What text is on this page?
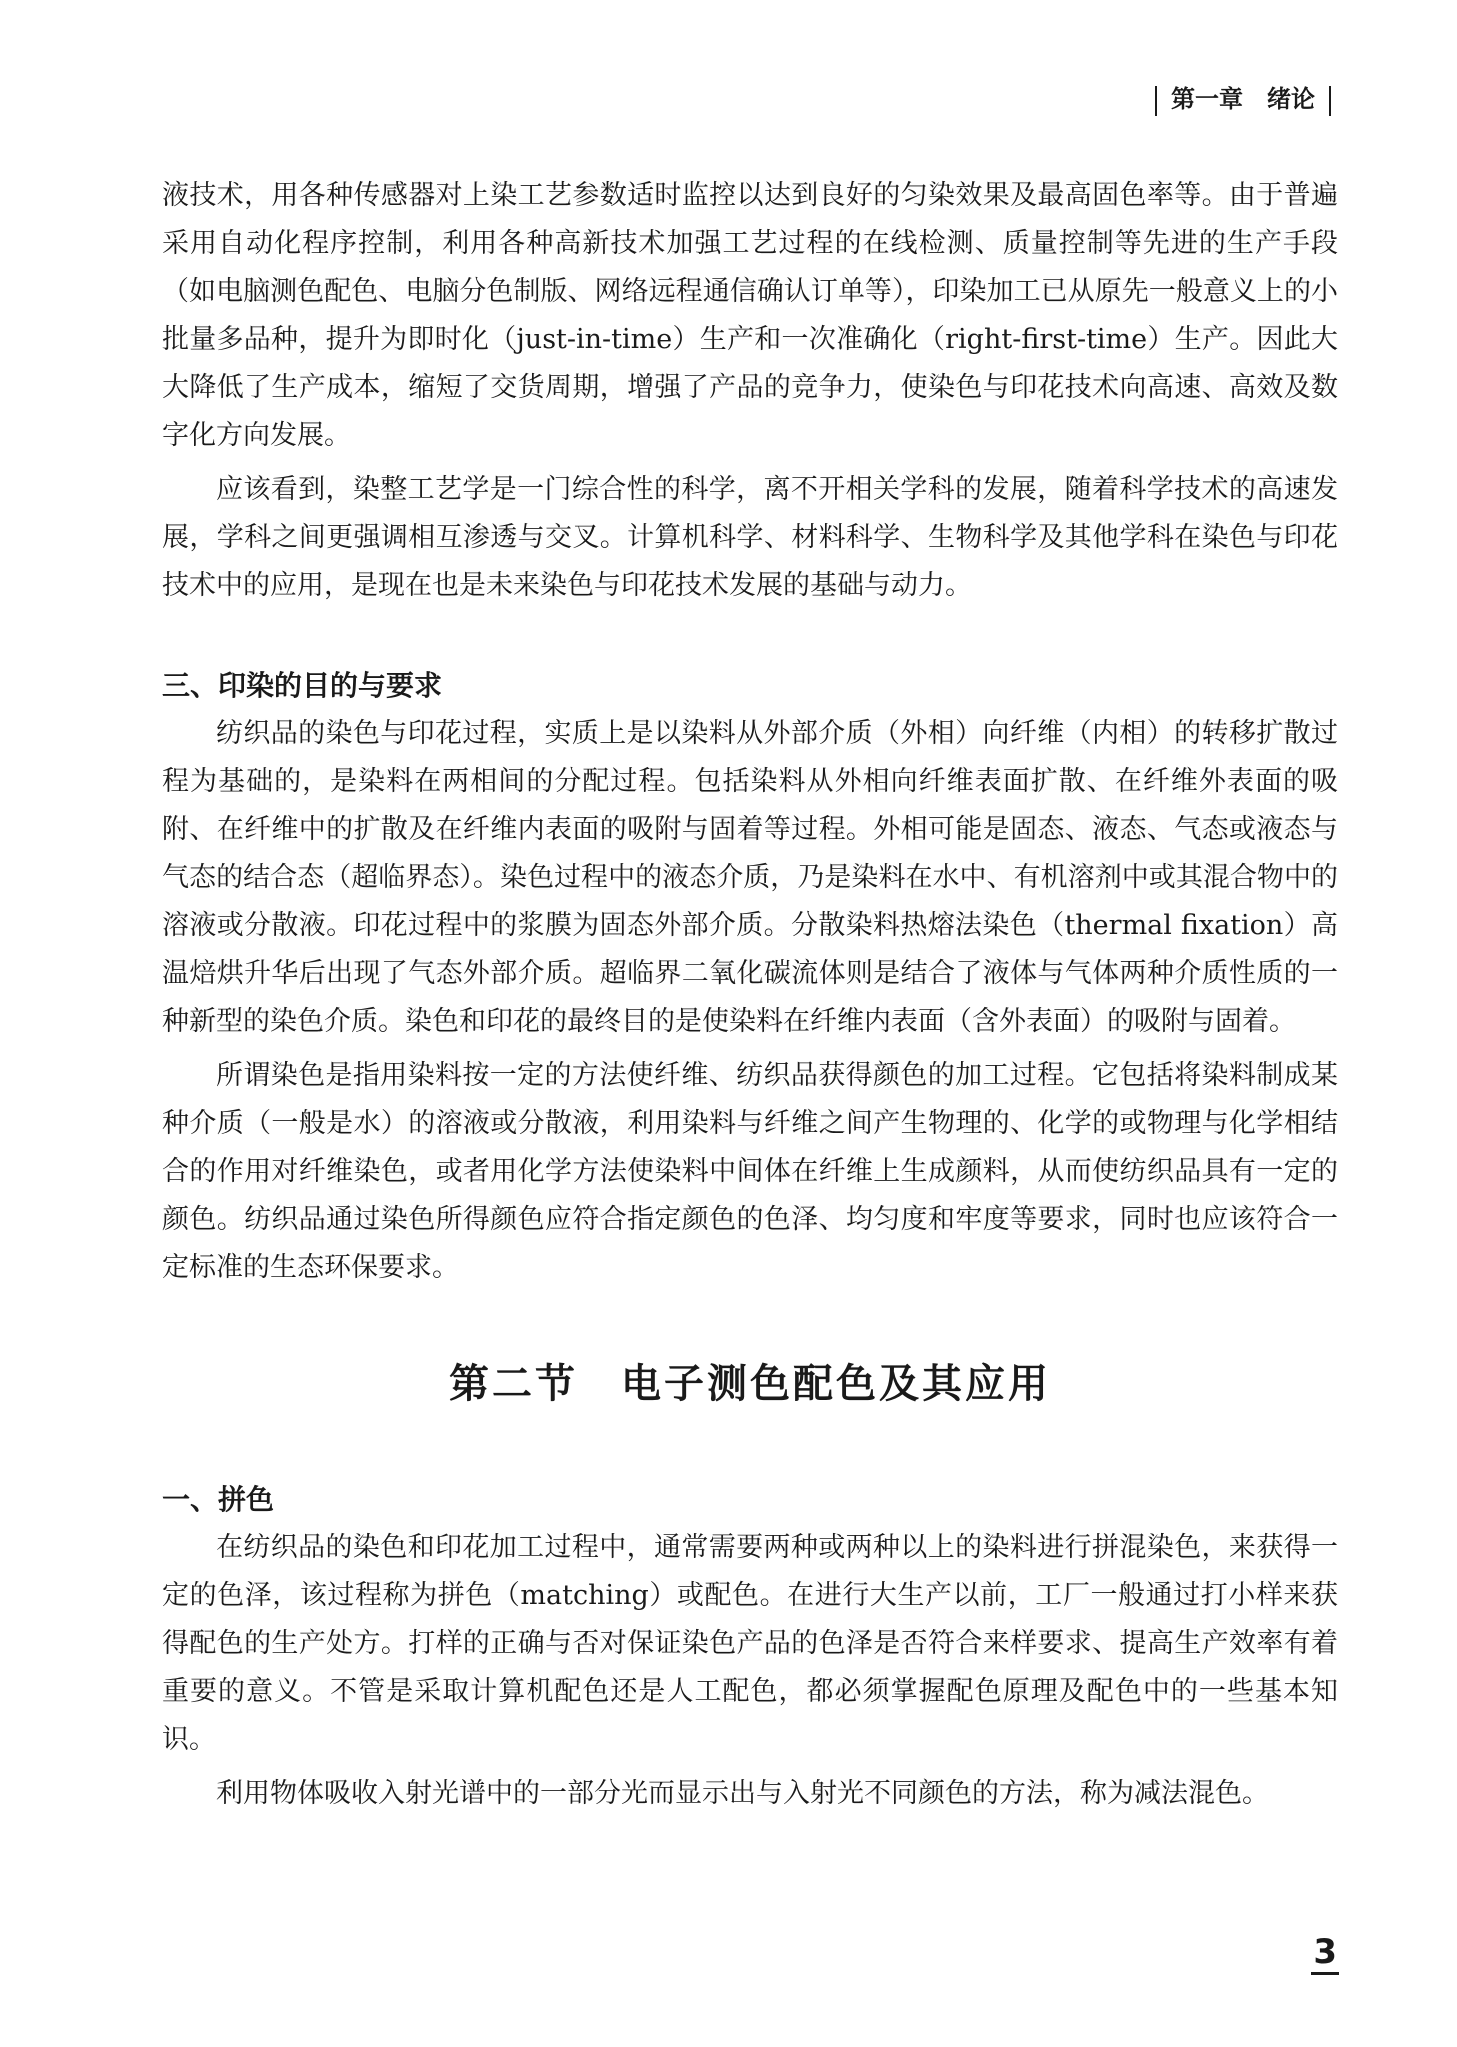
第一章　绪论

液技术，用各种传感器对上染工艺参数适时监控以达到良好的匀染效果及最高固色率等。由于普遍采用自动化程序控制，利用各种高新技术加强工艺过程的在线检测、质量控制等先进的生产手段（如电脑测色配色、电脑分色制版、网络远程通信确认订单等），印染加工已从原先一般意义上的小批量多品种，提升为即时化（just-in-time）生产和一次准确化（right-first-time）生产。因此大大降低了生产成本，缩短了交货周期，增强了产品的竞争力，使染色与印花技术向高速、高效及数字化方向发展。

应该看到，染整工艺学是一门综合性的科学，离不开相关学科的发展，随着科学技术的高速发展，学科之间更强调相互渗透与交叉。计算机科学、材料科学、生物科学及其他学科在染色与印花技术中的应用，是现在也是未来染色与印花技术发展的基础与动力。

三、印染的目的与要求

纺织品的染色与印花过程，实质上是以染料从外部介质（外相）向纤维（内相）的转移扩散过程为基础的，是染料在两相间的分配过程。包括染料从外相向纤维表面扩散、在纤维外表面的吸附、在纤维中的扩散及在纤维内表面的吸附与固着等过程。外相可能是固态、液态、气态或液态与气态的结合态（超临界态）。染色过程中的液态介质，乃是染料在水中、有机溶剂中或其混合物中的溶液或分散液。印花过程中的浆膜为固态外部介质。分散染料热熔法染色（thermal fixation）高温焙烘升华后出现了气态外部介质。超临界二氧化碳流体则是结合了液体与气体两种介质性质的一种新型的染色介质。染色和印花的最终目的是使染料在纤维内表面（含外表面）的吸附与固着。

所谓染色是指用染料按一定的方法使纤维、纺织品获得颜色的加工过程。它包括将染料制成某种介质（一般是水）的溶液或分散液，利用染料与纤维之间产生物理的、化学的或物理与化学相结合的作用对纤维染色，或者用化学方法使染料中间体在纤维上生成颜料，从而使纺织品具有一定的颜色。纺织品通过染色所得颜色应符合指定颜色的色泽、均匀度和牢度等要求，同时也应该符合一定标准的生态环保要求。

第二节　电子测色配色及其应用
一、拼色

在纺织品的染色和印花加工过程中，通常需要两种或两种以上的染料进行拼混染色，来获得一定的色泽，该过程称为拼色（matching）或配色。在进行大生产以前，工厂一般通过打小样来获得配色的生产处方。打样的正确与否对保证染色产品的色泽是否符合来样要求、提高生产效率有着重要的意义。不管是采取计算机配色还是人工配色，都必须掌握配色原理及配色中的一些基本知识。

利用物体吸收入射光谱中的一部分光而显示出与入射光不同颜色的方法，称为减法混色。

3
